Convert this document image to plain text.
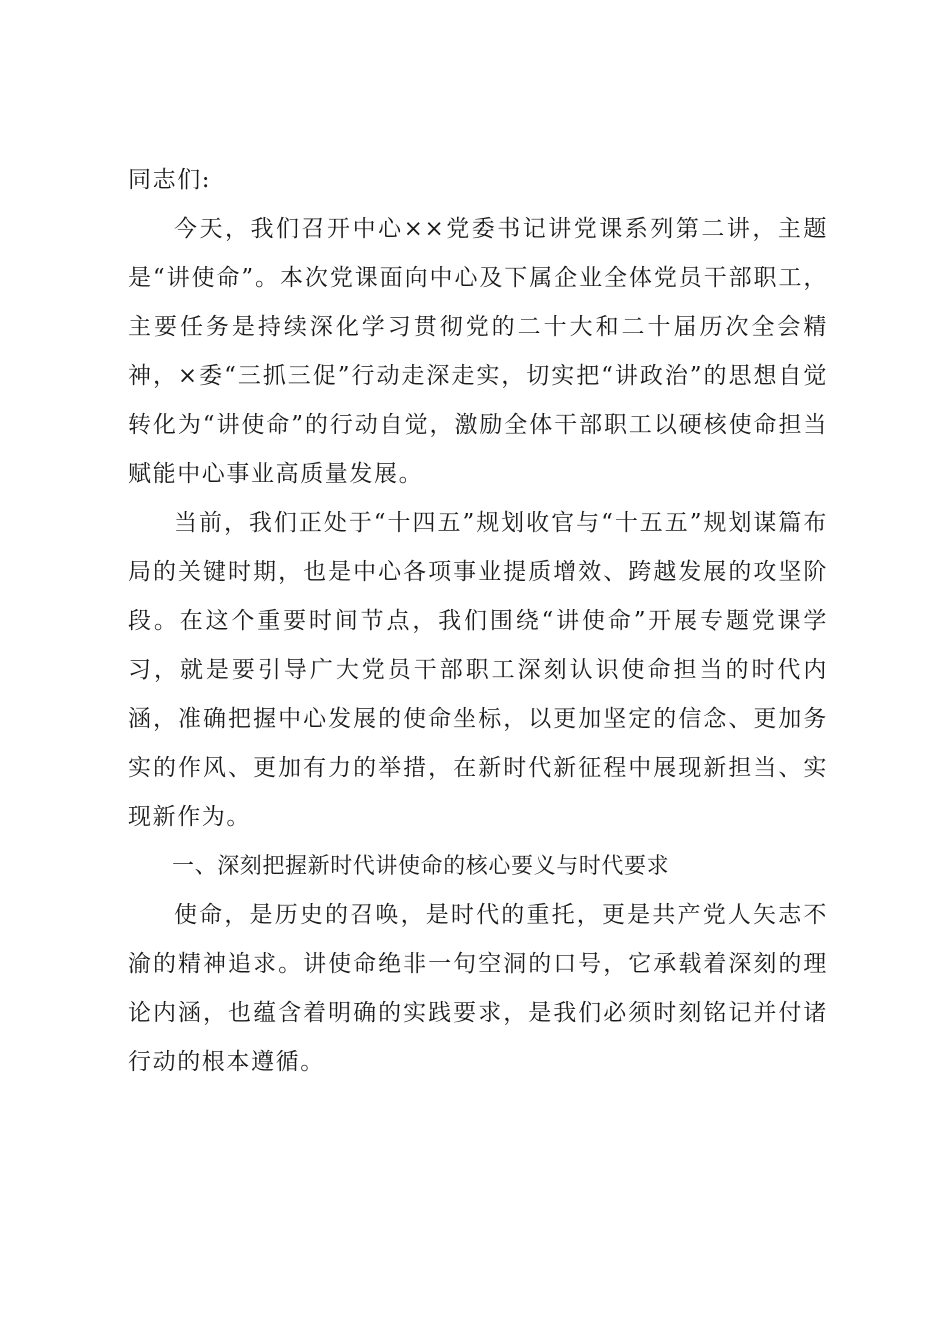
同志们:

今天，我们召开中心××党委书记讲党课系列第二讲，主题是“讲使命”。本次党课面向中心及下属企业全体党员干部职工，主要任务是持续深化学习贯彻党的二十大和二十届历次全会精神，×委“三抓三促”行动走深走实，切实把“讲政治”的思想自觉转化为“讲使命”的行动自觉，激励全体干部职工以硬核使命担当赋能中心事业高质量发展。

当前，我们正处于“十四五”规划收官与“十五五”规划谋篇布局的关键时期，也是中心各项事业提质增效、跨越发展的攻坚阶段。在这个重要时间节点，我们围绕“讲使命”开展专题党课学习，就是要引导广大党员干部职工深刻认识使命担当的时代内涵，准确把握中心发展的使命坐标，以更加坚定的信念、更加务实的作风、更加有力的举措，在新时代新征程中展现新担当、实现新作为。

一、深刻把握新时代讲使命的核心要义与时代要求

使命，是历史的召唤，是时代的重托，更是共产党人矢志不渝的精神追求。讲使命绝非一句空洞的口号，它承载着深刻的理论内涵，也蕴含着明确的实践要求，是我们必须时刻铭记并付诸行动的根本遵循。
